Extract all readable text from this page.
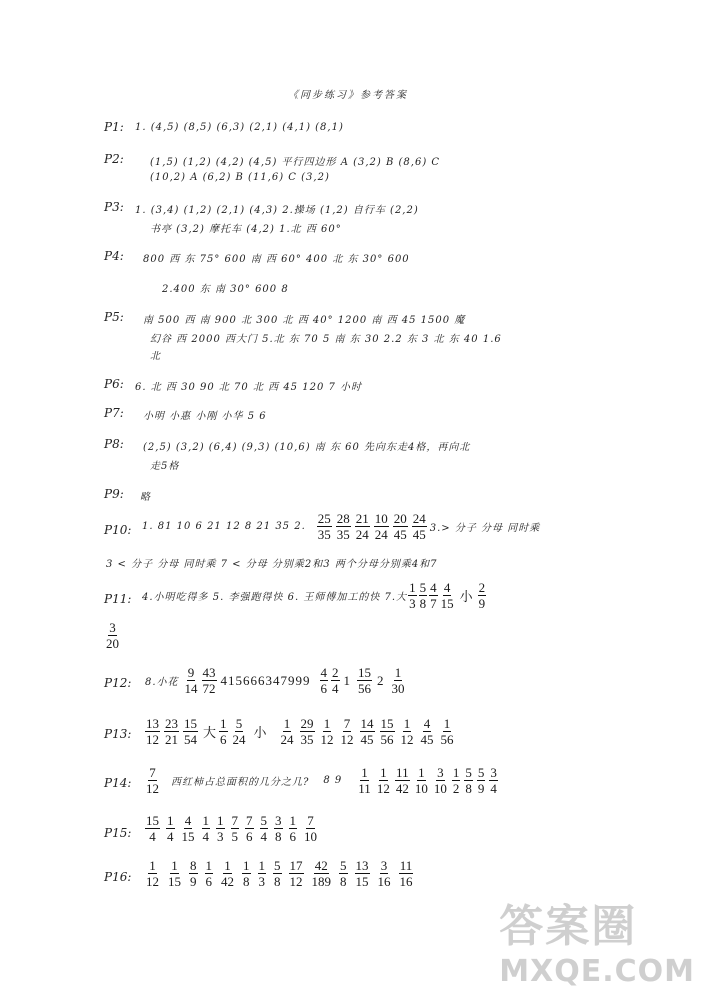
《同步练习》参考答案
P1: 1. (4,5) (8,5) (6,3) (2,1) (4,1) (8,1)
P2:	(1,5) (1,2) (4,2) (4,5) 平行四边形 A (3,2) B (8,6) C
(10,2) A (6,2) B (11,6) C (3,2)
P3: 1. (3,4) (1,2) (2,1) (4,3) 2.操场 (1,2) 自行车 (2,2)
书亭 (3,2) 摩托车 (4,2) 1.北 西 60°
P4: 800 西 东 75° 600 南 西 60° 400 北 东 30° 600
2.400 东 南 30° 600 8
P5: 南 500 西 南 900 北 300 北 西 40° 1200 南 西 45 1500 魔
幻谷 西 2000 西大门 5.北 东 70 5 南 东 30 2.2 东 3 北 东 40 1.6
北
P6: 6. 北 西 30 90 北 70 北 西 45 120 7 小时
P7: 小明 小惠 小刚 小华 5 6
P8: (2,5) (3,2) (6,4) (9,3) (10,6) 南 东 60 先向东走4格，再向北
走5格
P9: 略
P10: 1. 81 10 6 21 12 8 21 35 2. $\frac{25}{35} \frac{28}{35} \frac{21}{24} \frac{10}{24} \frac{20}{45} \frac{24}{45} 3.>$ 分子 分母 同时乘
3 < 分子 分母 同时乘 7 < 分母 分别乘2和3 两个分母分别乘4和7
P11: 4.小明吃得多 5. 李强跑得快 6. 王师傅加工的快 7.大 $\frac{1}{3} \frac{5}{8} \frac{4}{7} \frac{4}{15}$ 小 $\frac{2}{9}$
$\frac{3}{20}$
P12: 8.小花 $\frac{9}{14} \frac{43}{72} 415666347999 \frac{4}{6} \frac{2}{4} 1 \frac{15}{56} 2 \frac{1}{30}$
P13: $\frac{13}{12} \frac{23}{21} \frac{15}{54}$ 大 $\frac{1}{6} \frac{5}{24}$ 小 $\frac{1}{24} \frac{29}{35} \frac{1}{12} \frac{7}{12} \frac{14}{45} \frac{15}{56} \frac{1}{12} \frac{4}{45} \frac{1}{56}$
P14: $\frac{7}{12}$ 西红柿占总面积的几分之几? 8 $9 \frac{1}{11} \frac{1}{12} \frac{11}{42} \frac{1}{10} \frac{3}{10} \frac{1}{2} \frac{5}{8} \frac{5}{9} \frac{3}{4}$
P15: $\frac{15}{4} \frac{1}{4} \frac{4}{15} \frac{1}{4} \frac{1}{3} \frac{7}{5} \frac{7}{6} \frac{5}{4} \frac{3}{8} \frac{1}{6} \frac{7}{10}$
P16: $\frac{1}{12} \frac{1}{15} \frac{8}{9} \frac{1}{6} \frac{1}{42} \frac{1}{8} \frac{1}{3} \frac{5}{8} \frac{17}{12} \frac{42}{189} \frac{5}{8} \frac{13}{15} \frac{3}{16} \frac{11}{16}$
答案圈
MXQE.COM
